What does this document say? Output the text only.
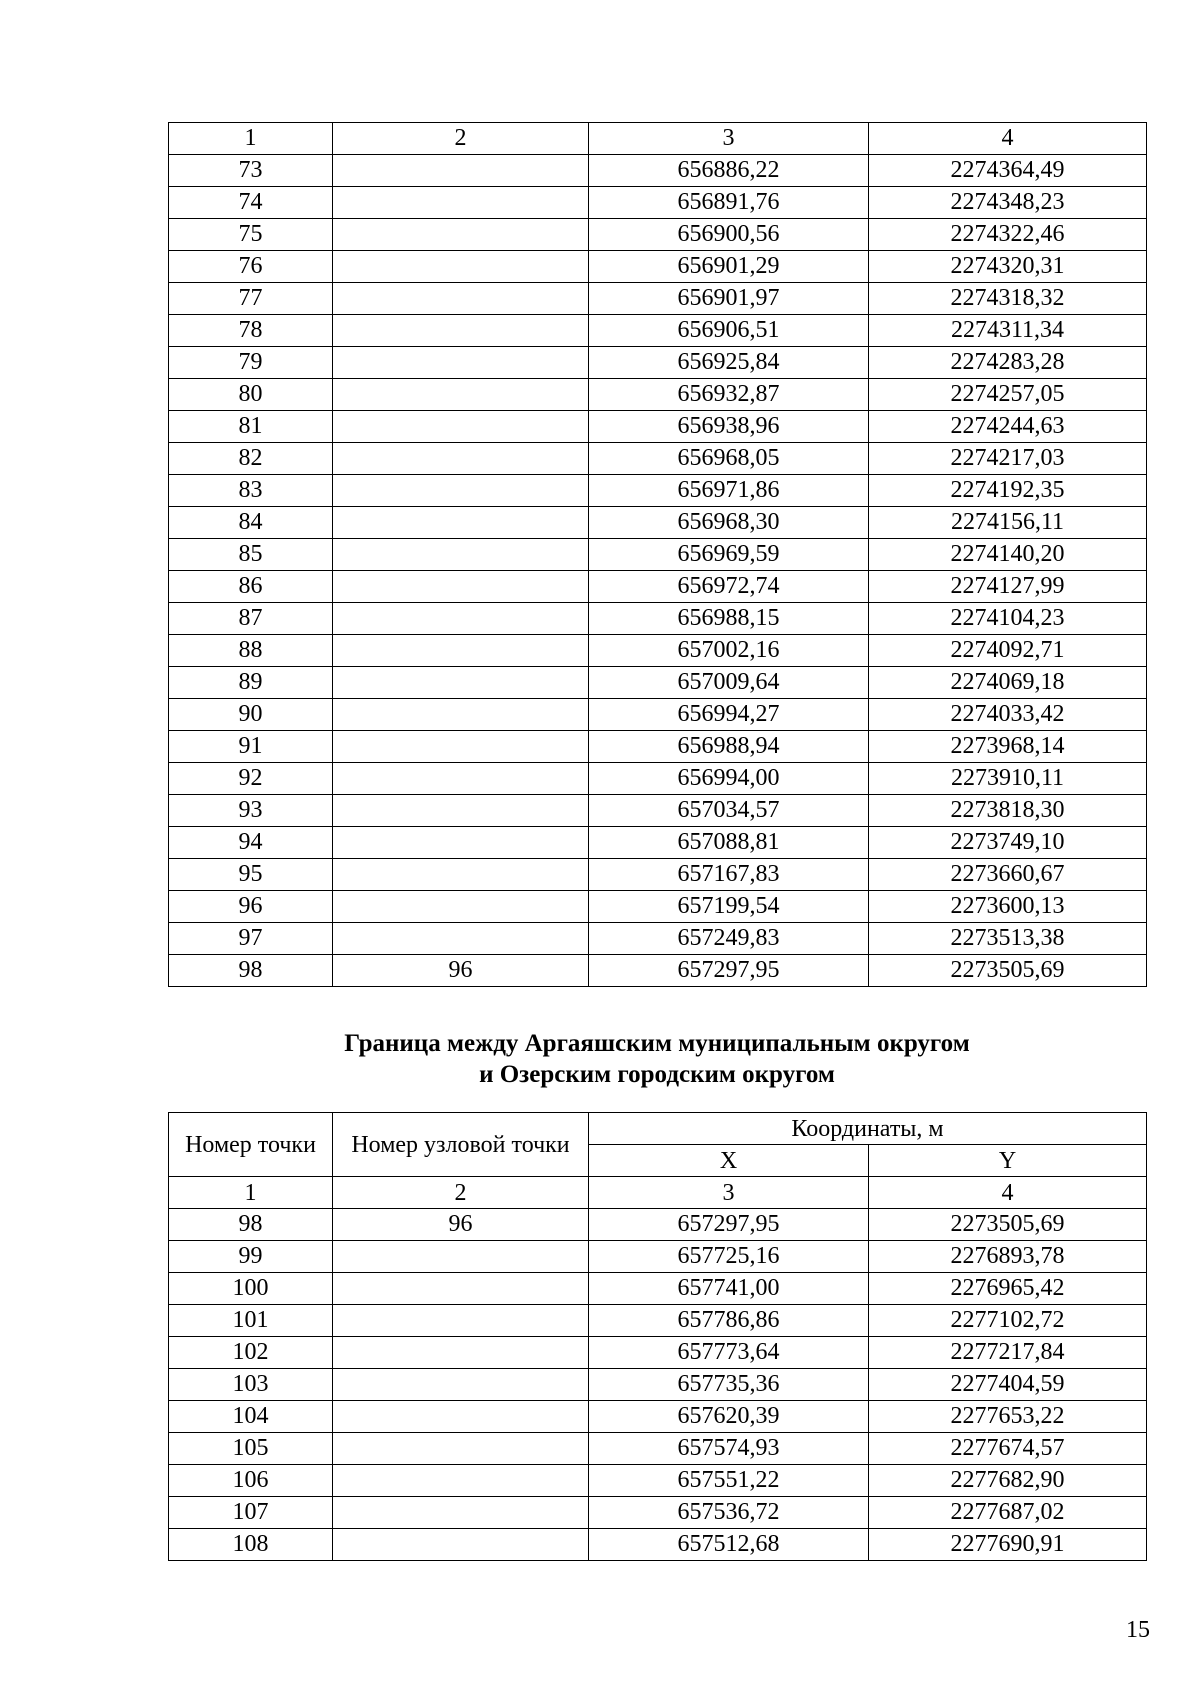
1	2	3	4
73		656886,22	2274364,49
74		656891,76	2274348,23
75		656900,56	2274322,46
76		656901,29	2274320,31
77		656901,97	2274318,32
78		656906,51	2274311,34
79		656925,84	2274283,28
80		656932,87	2274257,05
81		656938,96	2274244,63
82		656968,05	2274217,03
83		656971,86	2274192,35
84		656968,30	2274156,11
85		656969,59	2274140,20
86		656972,74	2274127,99
87		656988,15	2274104,23
88		657002,16	2274092,71
89		657009,64	2274069,18
90		656994,27	2274033,42
91		656988,94	2273968,14
92		656994,00	2273910,11
93		657034,57	2273818,30
94		657088,81	2273749,10
95		657167,83	2273660,67
96		657199,54	2273600,13
97		657249,83	2273513,38
98	96	657297,95	2273505,69
Граница между Аргаяшским муниципальным округом
и Озерским городским округом
Номер точки	Номер узловой точки	Координаты, м	
		X	Y
1	2	3	4
98	96	657297,95	2273505,69
99		657725,16	2276893,78
100		657741,00	2276965,42
101		657786,86	2277102,72
102		657773,64	2277217,84
103		657735,36	2277404,59
104		657620,39	2277653,22
105		657574,93	2277674,57
106		657551,22	2277682,90
107		657536,72	2277687,02
108		657512,68	2277690,91
15
